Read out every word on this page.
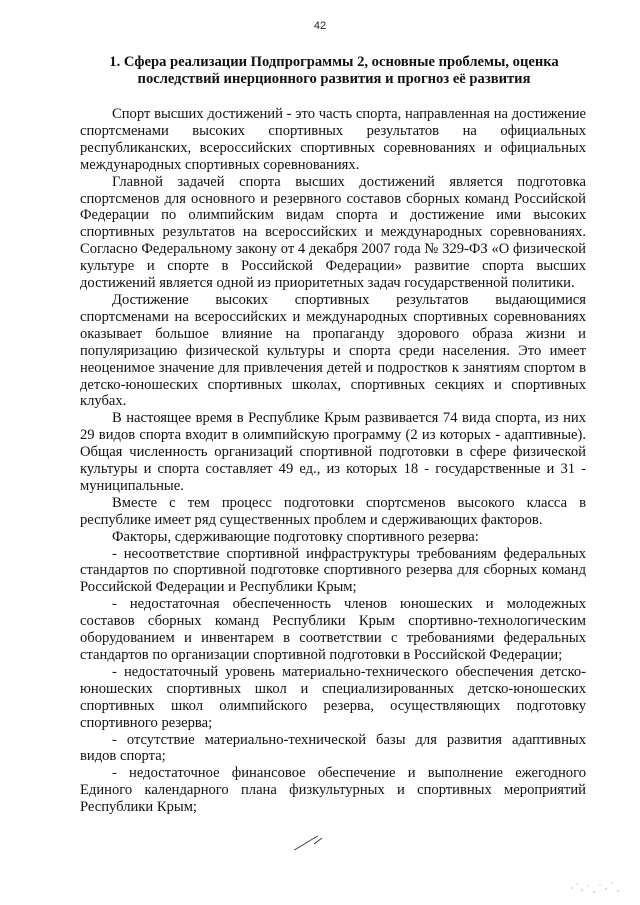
42
1. Сфера реализации Подпрограммы 2, основные проблемы, оценка
последствий инерционного развития и прогноз её развития

Спорт высших достижений - это часть спорта, направленная на достижение спортсменами высоких спортивных результатов на официальных республиканских, всероссийских спортивных соревнованиях и официальных международных спортивных соревнованиях.

Главной задачей спорта высших достижений является подготовка спортсменов для основного и резервного составов сборных команд Российской Федерации по олимпийским видам спорта и достижение ими высоких спортивных результатов на всероссийских и международных соревнованиях. Согласно Федеральному закону от 4 декабря 2007 года № 329-ФЗ «О физической культуре и спорте в Российской Федерации» развитие спорта высших достижений является одной из приоритетных задач государственной политики.

Достижение высоких спортивных результатов выдающимися спортсменами на всероссийских и международных спортивных соревнованиях оказывает большое влияние на пропаганду здорового образа жизни и популяризацию физической культуры и спорта среди населения. Это имеет неоценимое значение для привлечения детей и подростков к занятиям спортом в детско-юношеских спортивных школах, спортивных секциях и спортивных клубах.

В настоящее время в Республике Крым развивается 74 вида спорта, из них 29 видов спорта входит в олимпийскую программу (2 из которых - адаптивные). Общая численность организаций спортивной подготовки в сфере физической культуры и спорта составляет 49 ед., из которых 18 - государственные и 31 - муниципальные.

Вместе с тем процесс подготовки спортсменов высокого класса в республике имеет ряд существенных проблем и сдерживающих факторов.

Факторы, сдерживающие подготовку спортивного резерва:

- несоответствие спортивной инфраструктуры требованиям федеральных стандартов по спортивной подготовке спортивного резерва для сборных команд Российской Федерации и Республики Крым;

- недостаточная обеспеченность членов юношеских и молодежных составов сборных команд Республики Крым спортивно-технологическим оборудованием и инвентарем в соответствии с требованиями федеральных стандартов по организации спортивной подготовки в Российской Федерации;

- недостаточный уровень материально-технического обеспечения детско-юношеских спортивных школ и специализированных детско-юношеских спортивных школ олимпийского резерва, осуществляющих подготовку спортивного резерва;

- отсутствие материально-технической базы для развития адаптивных видов спорта;

- недостаточное финансовое обеспечение и выполнение ежегодного Единого календарного плана физкультурных и спортивных мероприятий Республики Крым;
